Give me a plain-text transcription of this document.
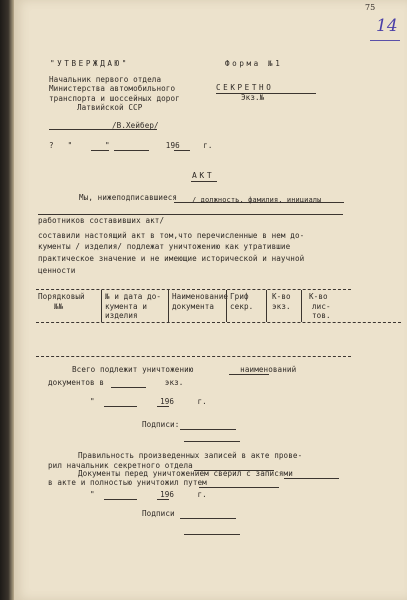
75
14

"УТВЕРЖДАЮ"	Форма №1

Начальник первого отдела

Министерства автомобильного

транспорта и шоссейных дорог

Латвийской ССР

СЕКРЕТНО

Экз.№

/В.Хейбер/

?   "       "            196     г.

АКТ

Мы, нижеподписавшиеся / должность, фамилия, инициалы

работников составивших акт/

составили настоящий акт в том,что перечисленные в нем до-

кументы / изделия/ подлежат уничтожению как утратившие

практическое значение и не имеющие исторической и научной

ценности

Порядковый

№№

№ и дата до-

кумента и

изделия

Наименование

документа

Гриф

секр.

К-во

экз.

К-во

лис-

тов.

Всего подлежит уничтожению          наименований

документов в             экз.

"              196     г.

Подписи:

Правильность произведенных записей в акте прове-

рил начальник секретного отдела

Документы перед уничтожением сверил с записями

в акте и полностью уничтожил путем

"              196     г.

Подписи
